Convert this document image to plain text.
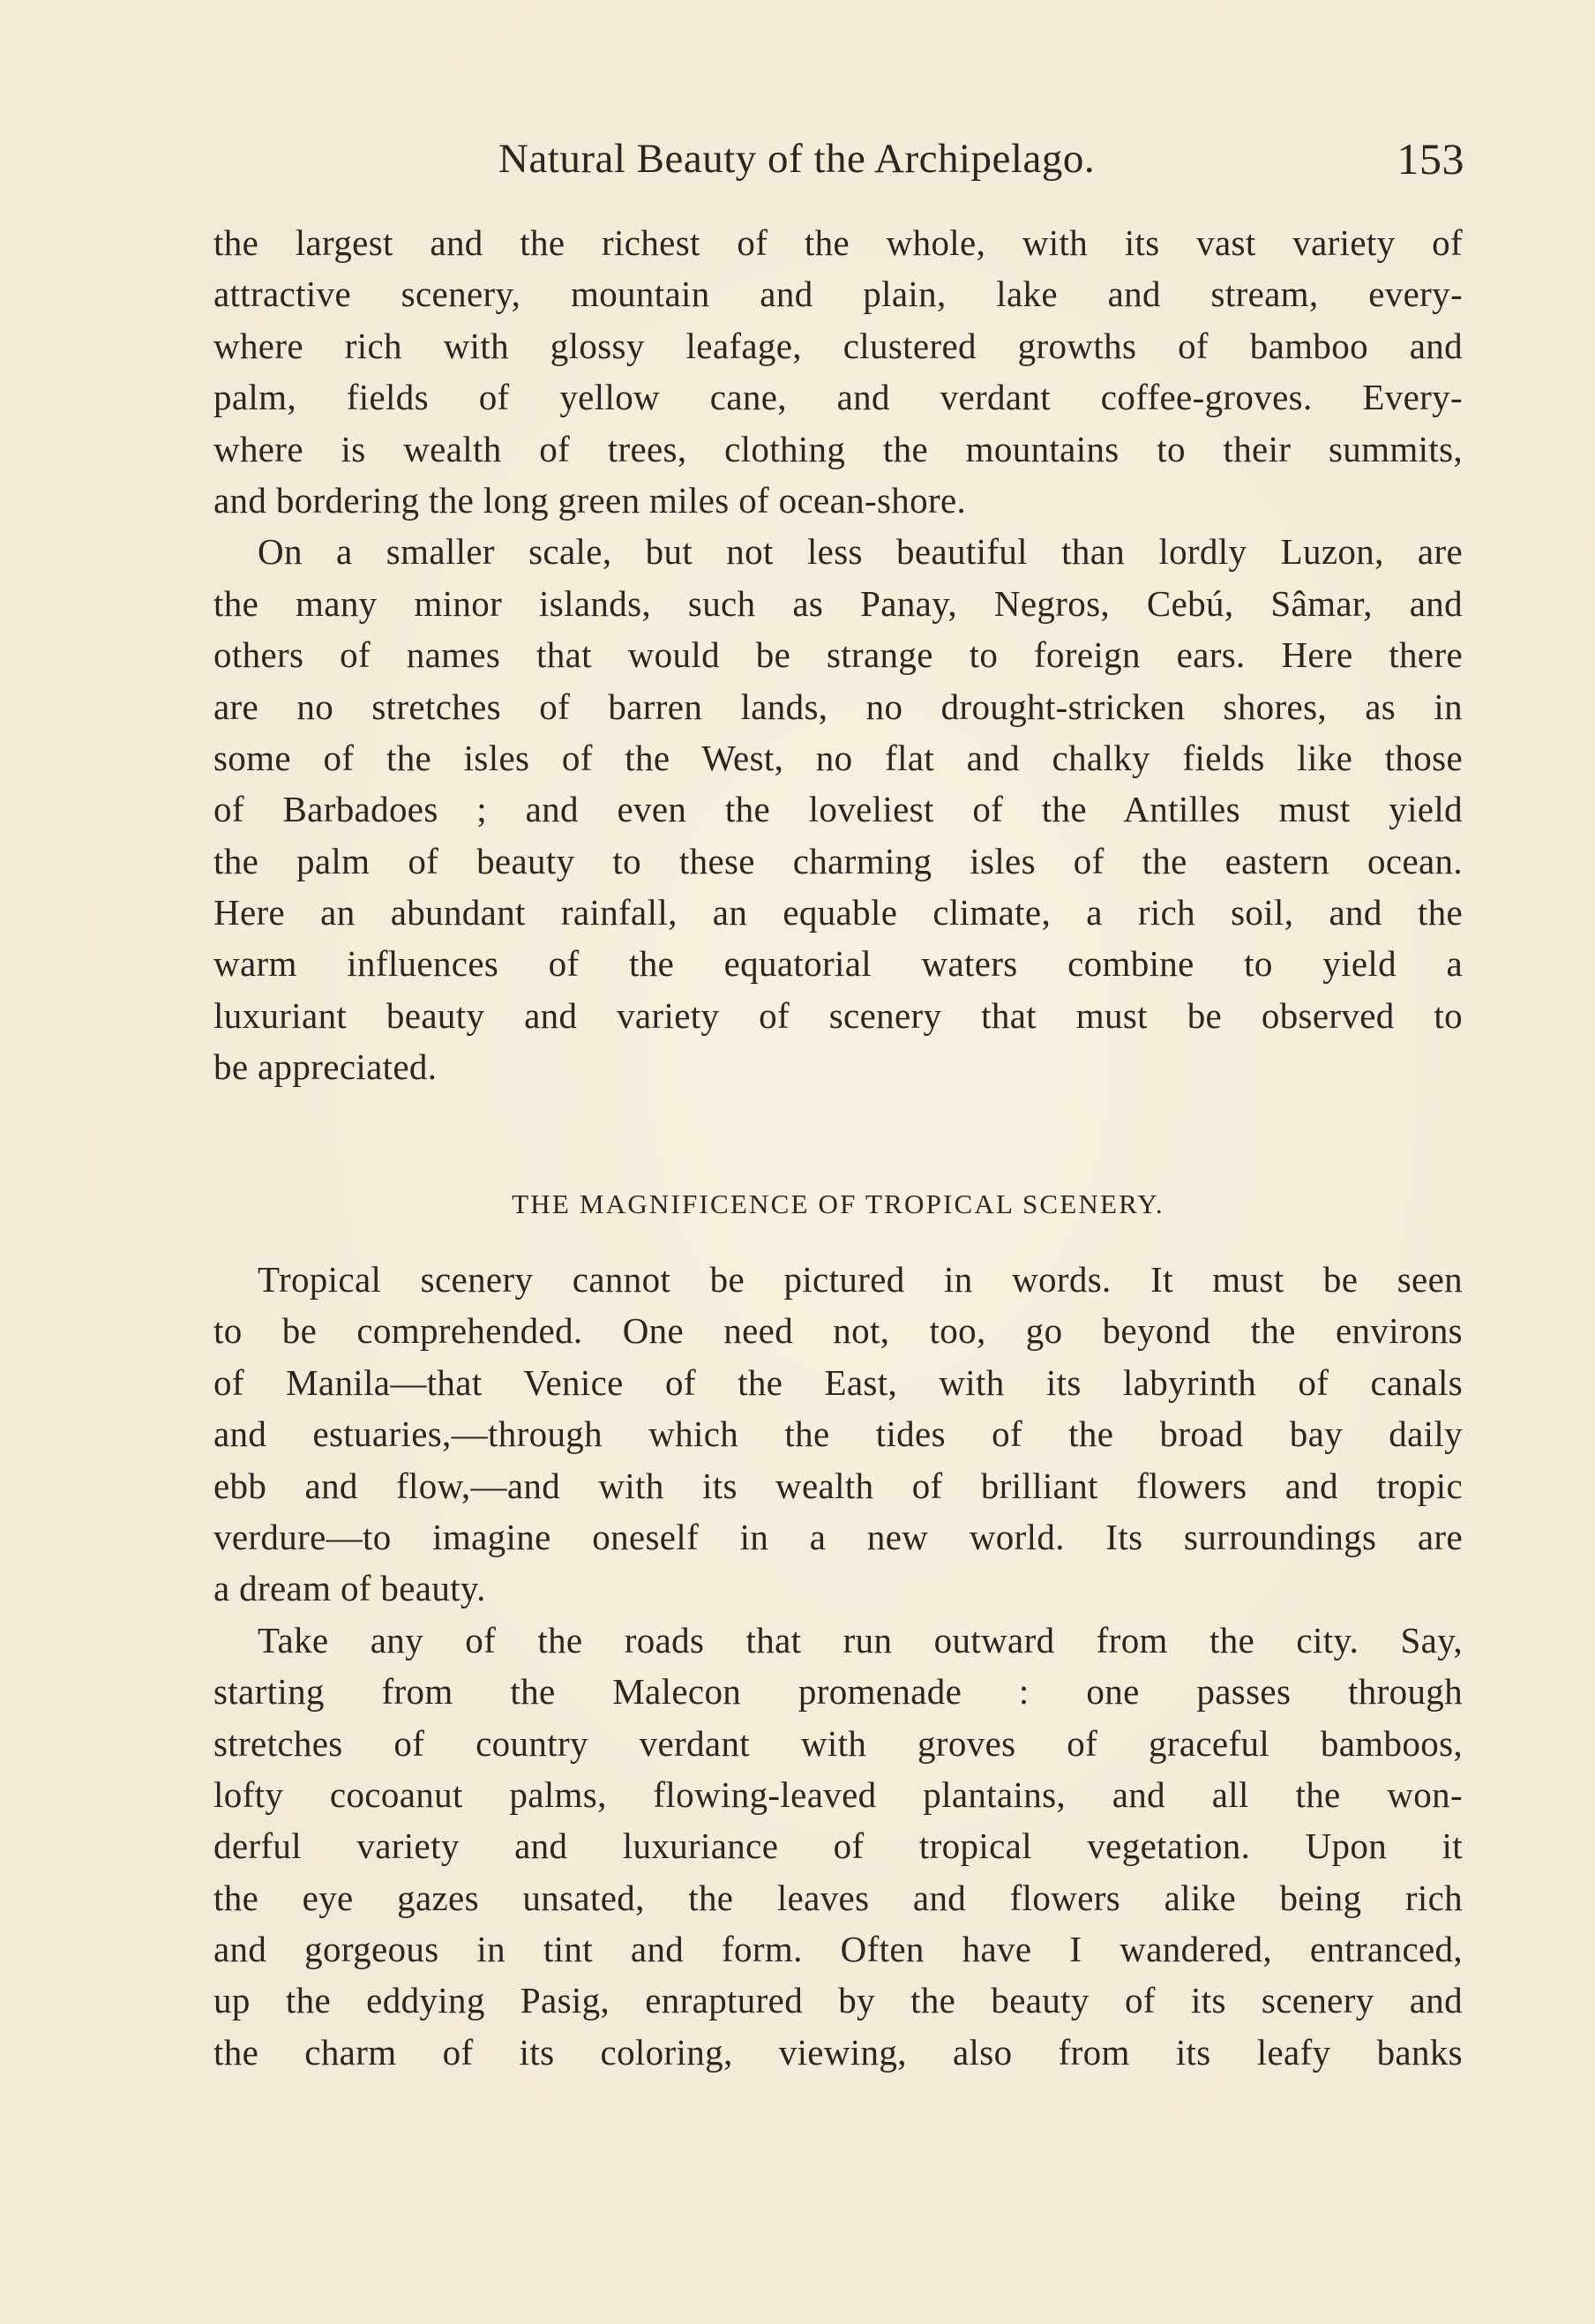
Natural Beauty of the Archipelago.	153
the largest and the richest of the whole, with its vast variety of
attractive scenery, mountain and plain, lake and stream, every-
where rich with glossy leafage, clustered growths of bamboo and
palm, fields of yellow cane, and verdant coffee-groves. Every-
where is wealth of trees, clothing the mountains to their summits,
and bordering the long green miles of ocean-shore.
On a smaller scale, but not less beautiful than lordly Luzon, are
the many minor islands, such as Panay, Negros, Cebú, Sâmar, and
others of names that would be strange to foreign ears. Here there
are no stretches of barren lands, no drought-stricken shores, as in
some of the isles of the West, no flat and chalky fields like those
of Barbadoes ; and even the loveliest of the Antilles must yield
the palm of beauty to these charming isles of the eastern ocean.
Here an abundant rainfall, an equable climate, a rich soil, and the
warm influences of the equatorial waters combine to yield a
luxuriant beauty and variety of scenery that must be observed to
be appreciated.
THE MAGNIFICENCE OF TROPICAL SCENERY.
Tropical scenery cannot be pictured in words. It must be seen
to be comprehended. One need not, too, go beyond the environs
of Manila—that Venice of the East, with its labyrinth of canals
and estuaries,—through which the tides of the broad bay daily
ebb and flow,—and with its wealth of brilliant flowers and tropic
verdure—to imagine oneself in a new world. Its surroundings are
a dream of beauty.
Take any of the roads that run outward from the city. Say,
starting from the Malecon promenade : one passes through
stretches of country verdant with groves of graceful bamboos,
lofty cocoanut palms, flowing-leaved plantains, and all the won-
derful variety and luxuriance of tropical vegetation. Upon it
the eye gazes unsated, the leaves and flowers alike being rich
and gorgeous in tint and form. Often have I wandered, entranced,
up the eddying Pasig, enraptured by the beauty of its scenery and
the charm of its coloring, viewing, also from its leafy banks
